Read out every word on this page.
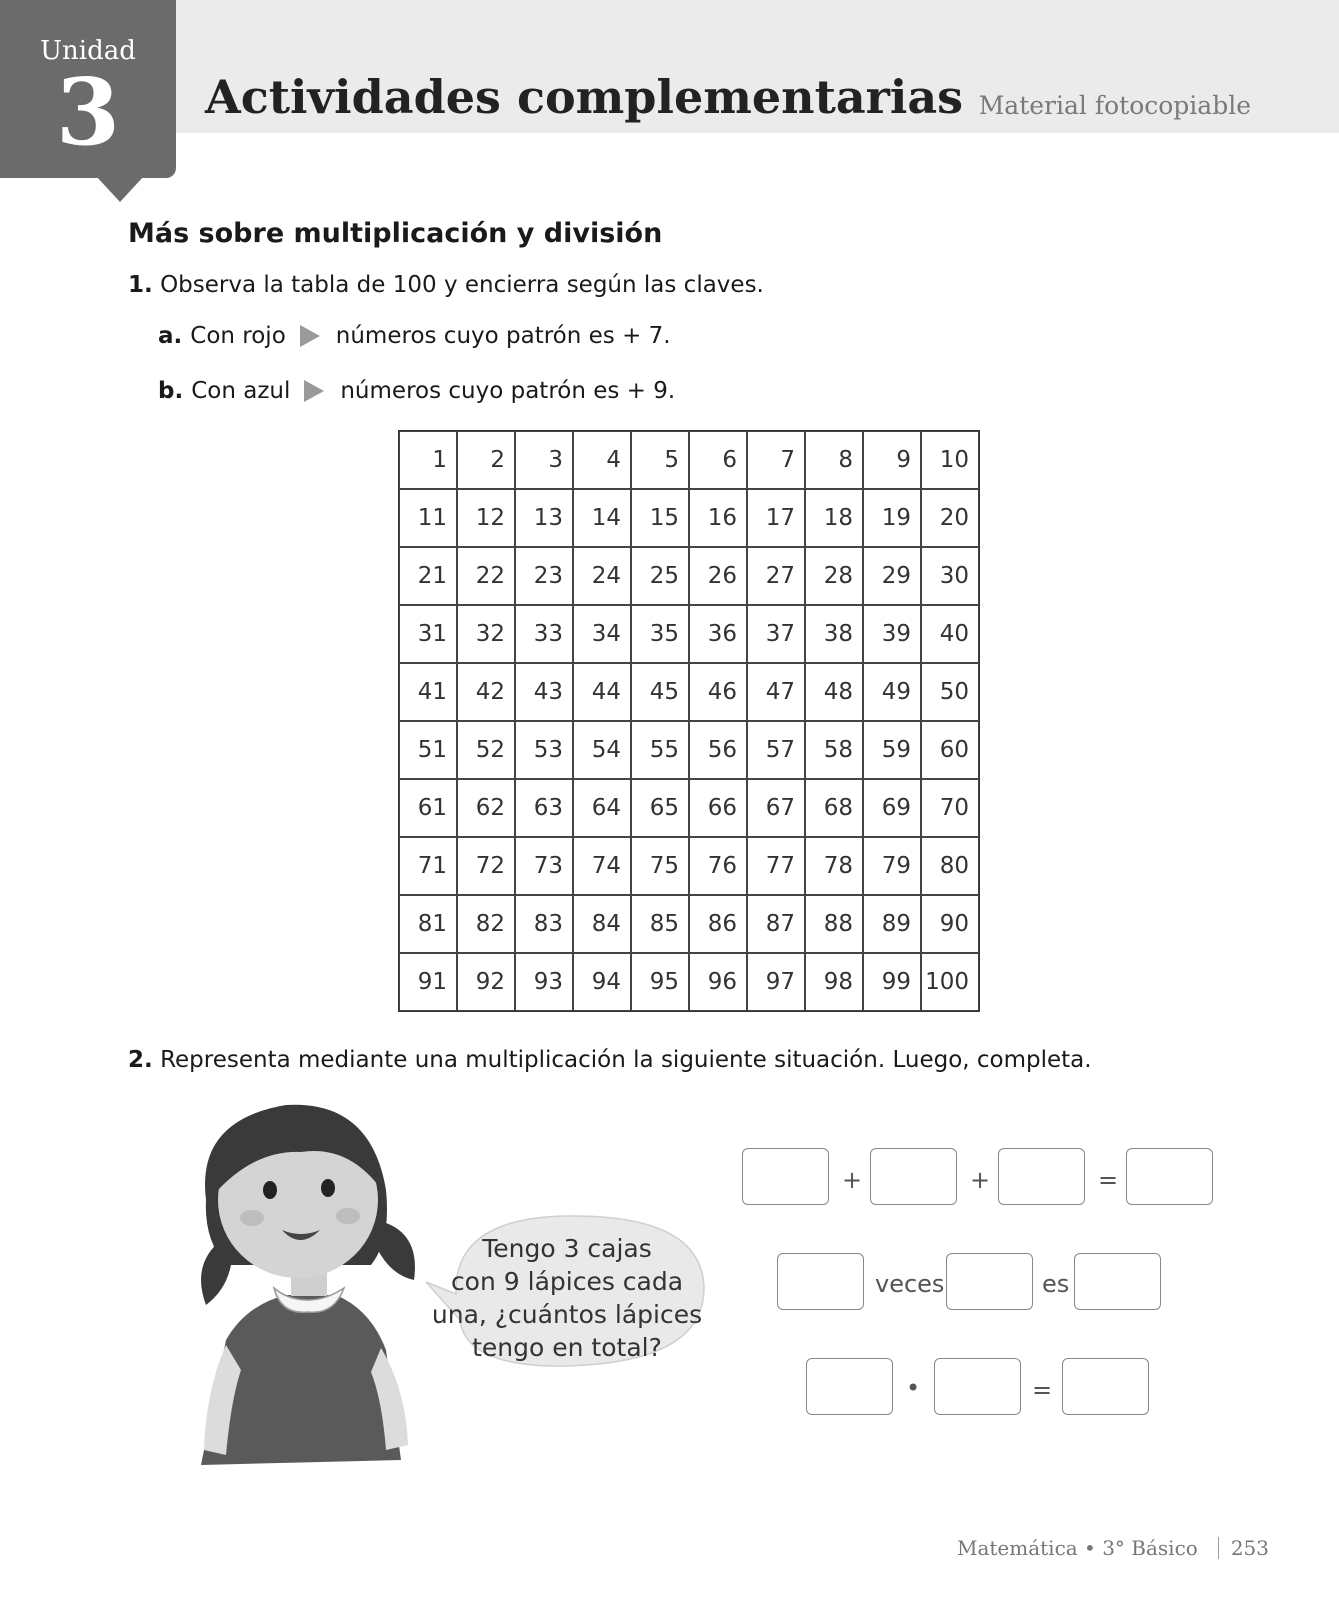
Unidad
3	Actividades complementarias Material fotocopiable
Más sobre multiplicación y división
1. Observa la tabla de 100 y encierra según las claves.
a. Con rojo números cuyo patrón es + 7.
b. Con azul números cuyo patrón es + 9.
1	2	3	4	5	6	7	8	9	10
11	12	13	14	15	16	17	18	19	20
21	22	23	24	25	26	27	28	29	30
31	32	33	34	35	36	37	38	39	40
41	42	43	44	45	46	47	48	49	50
51	52	53	54	55	56	57	58	59	60
61	62	63	64	65	66	67	68	69	70
71	72	73	74	75	76	77	78	79	80
81	82	83	84	85	86	87	88	89	90
91	92	93	94	95	96	97	98	99 100
2. Representa mediante una multiplicación la siguiente situación. Luego, completa.
Tengo 3 cajas
con 9 lápices cada
una, ¿cuántos lápices
tengo en total?
+	+	=
veces	es
•	=
Matemática • 3° Básico 253
